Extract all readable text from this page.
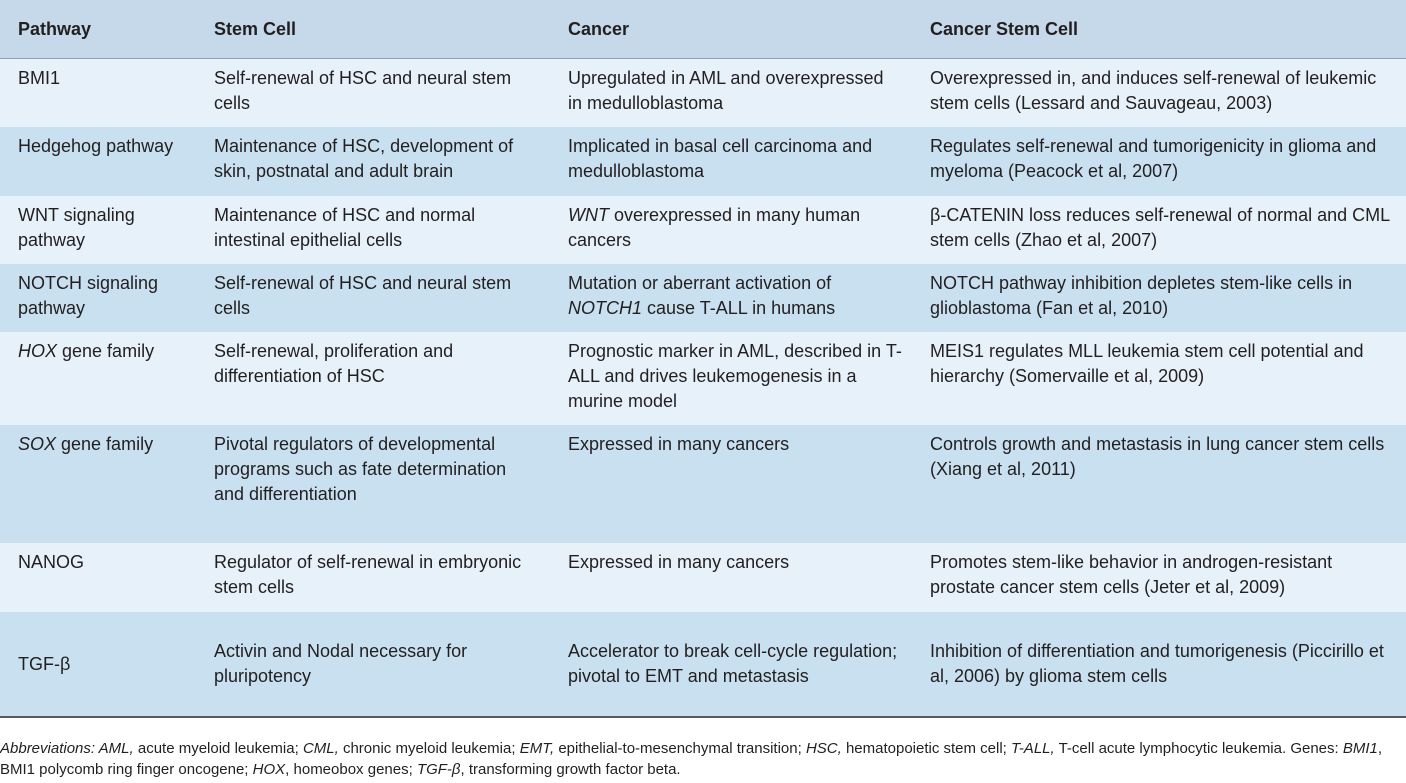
Pathway	Stem Cell	Cancer	Cancer Stem Cell
BMI1	Self-renewal of HSC and neural stem cells	Upregulated in AML and overexpressed in medulloblastoma	Overexpressed in, and induces self-renewal of leukemic stem cells (Lessard and Sauvageau, 2003)
Hedgehog pathway	Maintenance of HSC, development of skin, postnatal and adult brain	Implicated in basal cell carcinoma and medulloblastoma	Regulates self-renewal and tumorigenicity in glioma and myeloma (Peacock et al, 2007)
WNT signaling pathway	Maintenance of HSC and normal intestinal epithelial cells	WNT overexpressed in many human cancers	β-CATENIN loss reduces self-renewal of normal and CML stem cells (Zhao et al, 2007)
NOTCH signaling pathway	Self-renewal of HSC and neural stem cells	Mutation or aberrant activation of NOTCH1 cause T-ALL in humans	NOTCH pathway inhibition depletes stem-like cells in glioblastoma (Fan et al, 2010)
HOX gene family	Self-renewal, proliferation and differentiation of HSC	Prognostic marker in AML, described in T-ALL and drives leukemogenesis in a murine model	MEIS1 regulates MLL leukemia stem cell potential and hierarchy (Somervaille et al, 2009)
SOX gene family	Pivotal regulators of developmental programs such as fate determination and differentiation	Expressed in many cancers	Controls growth and metastasis in lung cancer stem cells (Xiang et al, 2011)
NANOG	Regulator of self-renewal in embryonic stem cells	Expressed in many cancers	Promotes stem-like behavior in androgen-resistant prostate cancer stem cells (Jeter et al, 2009)
TGF-β	Activin and Nodal necessary for pluripotency	Accelerator to break cell-cycle regulation; pivotal to EMT and metastasis	Inhibition of differentiation and tumorigenesis (Piccirillo et al, 2006) by glioma stem cells
Abbreviations: AML, acute myeloid leukemia; CML, chronic myeloid leukemia; EMT, epithelial-to-mesenchymal transition; HSC, hematopoietic stem cell; T-ALL, T-cell acute lymphocytic leukemia. Genes: BMI1, BMI1 polycomb ring finger oncogene; HOX, homeobox genes; TGF-β, transforming growth factor beta.
